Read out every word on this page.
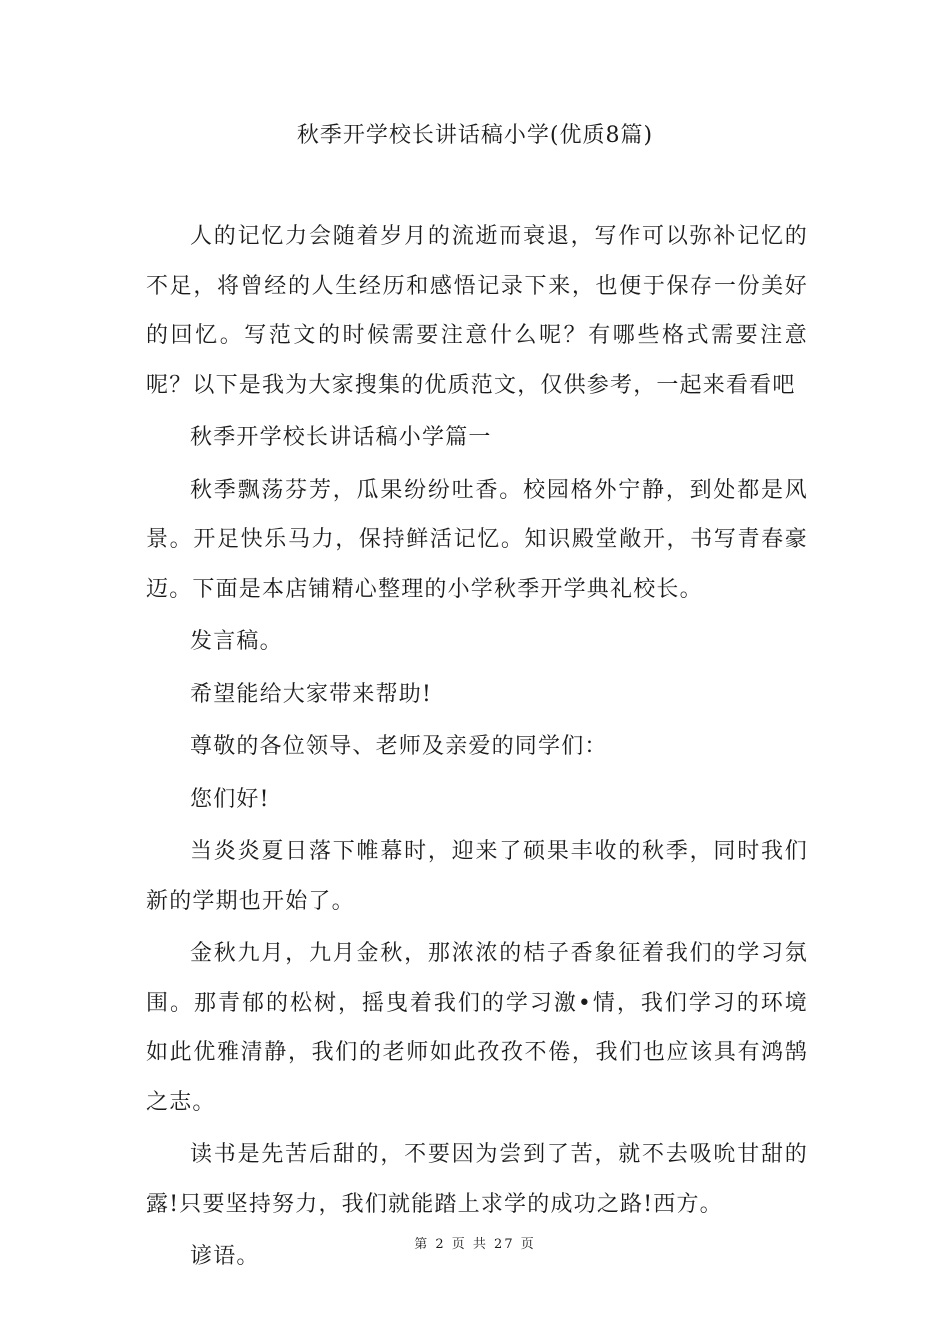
秋季开学校长讲话稿小学(优质8篇)

人的记忆力会随着岁月的流逝而衰退，写作可以弥补记忆的不足，将曾经的人生经历和感悟记录下来，也便于保存一份美好的回忆。写范文的时候需要注意什么呢？有哪些格式需要注意呢？以下是我为大家搜集的优质范文，仅供参考，一起来看看吧

秋季开学校长讲话稿小学篇一

秋季飘荡芬芳，瓜果纷纷吐香。校园格外宁静，到处都是风景。开足快乐马力，保持鲜活记忆。知识殿堂敞开，书写青春豪迈。下面是本店铺精心整理的小学秋季开学典礼校长。

发言稿。

希望能给大家带来帮助!

尊敬的各位领导、老师及亲爱的同学们：

您们好!

当炎炎夏日落下帷幕时，迎来了硕果丰收的秋季，同时我们新的学期也开始了。

金秋九月，九月金秋，那浓浓的桔子香象征着我们的学习氛围。那青郁的松树，摇曳着我们的学习激•情，我们学习的环境如此优雅清静，我们的老师如此孜孜不倦，我们也应该具有鸿鹄之志。

读书是先苦后甜的，不要因为尝到了苦，就不去吸吮甘甜的露!只要坚持努力，我们就能踏上求学的成功之路!西方。

谚语。	第 2 页 共 27 页
